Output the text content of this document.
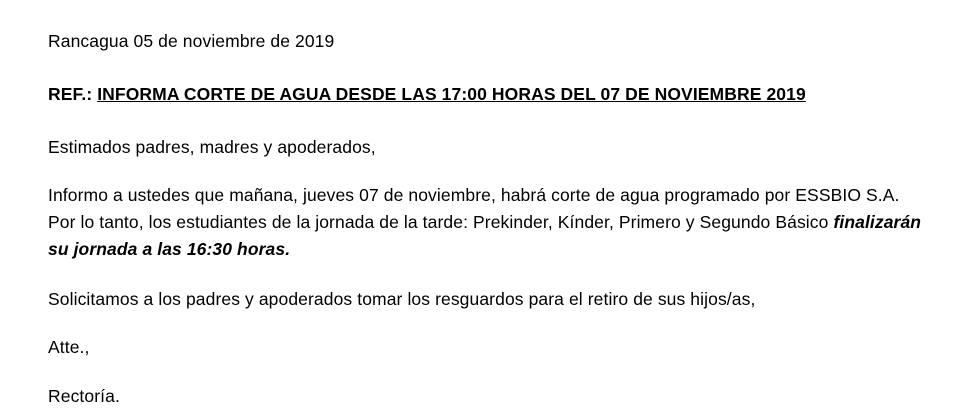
Rancagua 05 de noviembre de 2019

REF.: INFORMA CORTE DE AGUA DESDE LAS 17:00 HORAS DEL 07 DE NOVIEMBRE 2019

Estimados padres, madres y apoderados,

Informo a ustedes que mañana, jueves 07 de noviembre, habrá corte de agua programado por ESSBIO S.A. Por lo tanto, los estudiantes de la jornada de la tarde: Prekinder, Kínder, Primero y Segundo Básico finalizarán su jornada a las 16:30 horas.

Solicitamos a los padres y apoderados tomar los resguardos para el retiro de sus hijos/as,

Atte.,

Rectoría.
